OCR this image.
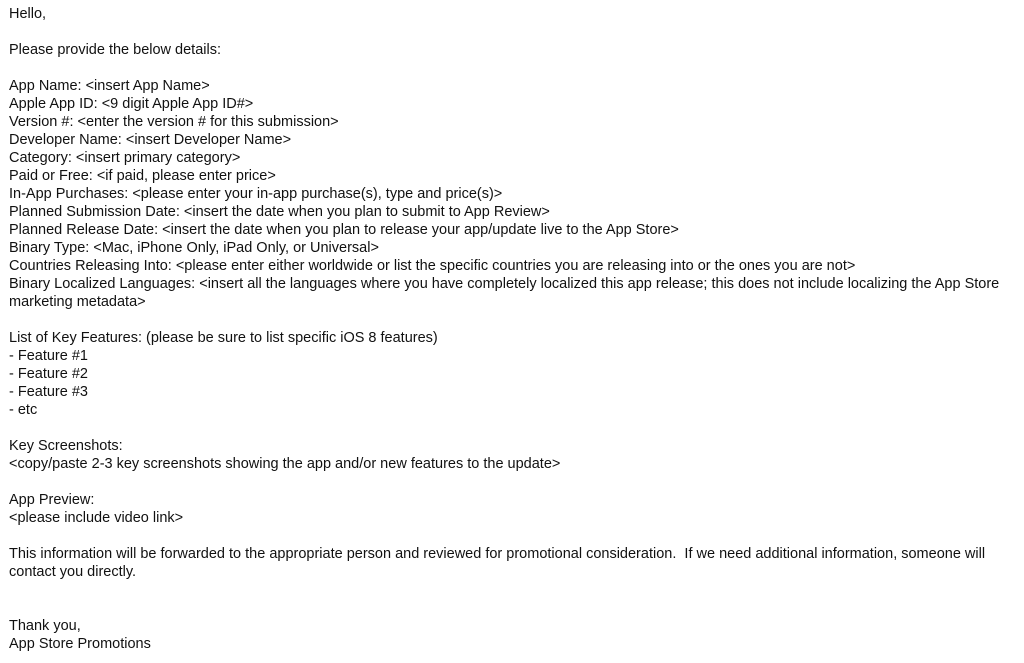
Hello,
Please provide the below details:
App Name: <insert App Name>
Apple App ID: <9 digit Apple App ID#>
Version #: <enter the version # for this submission>
Developer Name: <insert Developer Name>
Category: <insert primary category>
Paid or Free: <if paid, please enter price>
In-App Purchases: <please enter your in-app purchase(s), type and price(s)>
Planned Submission Date: <insert the date when you plan to submit to App Review>
Planned Release Date: <insert the date when you plan to release your app/update live to the App Store>
Binary Type: <Mac, iPhone Only, iPad Only, or Universal>
Countries Releasing Into: <please enter either worldwide or list the specific countries you are releasing into or the ones you are not>
Binary Localized Languages: <insert all the languages where you have completely localized this app release; this does not include localizing the App Store marketing metadata>
List of Key Features: (please be sure to list specific iOS 8 features)
- Feature #1
- Feature #2
- Feature #3
- etc
Key Screenshots:
<copy/paste 2-3 key screenshots showing the app and/or new features to the update>
App Preview:
<please include video link>
This information will be forwarded to the appropriate person and reviewed for promotional consideration.  If we need additional information, someone will contact you directly.
Thank you,
App Store Promotions
